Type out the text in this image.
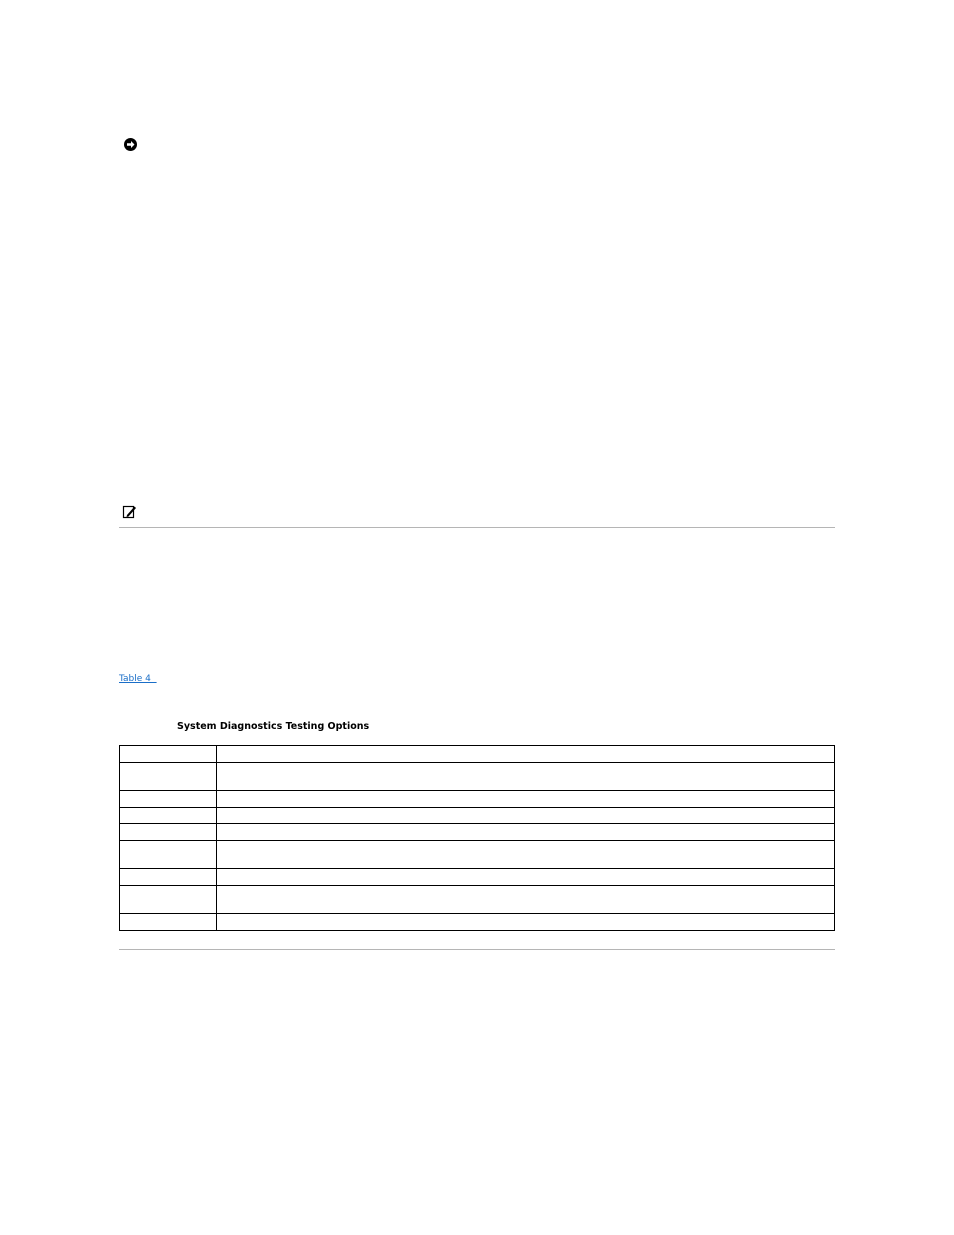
Table 4
System Diagnostics Testing Options
